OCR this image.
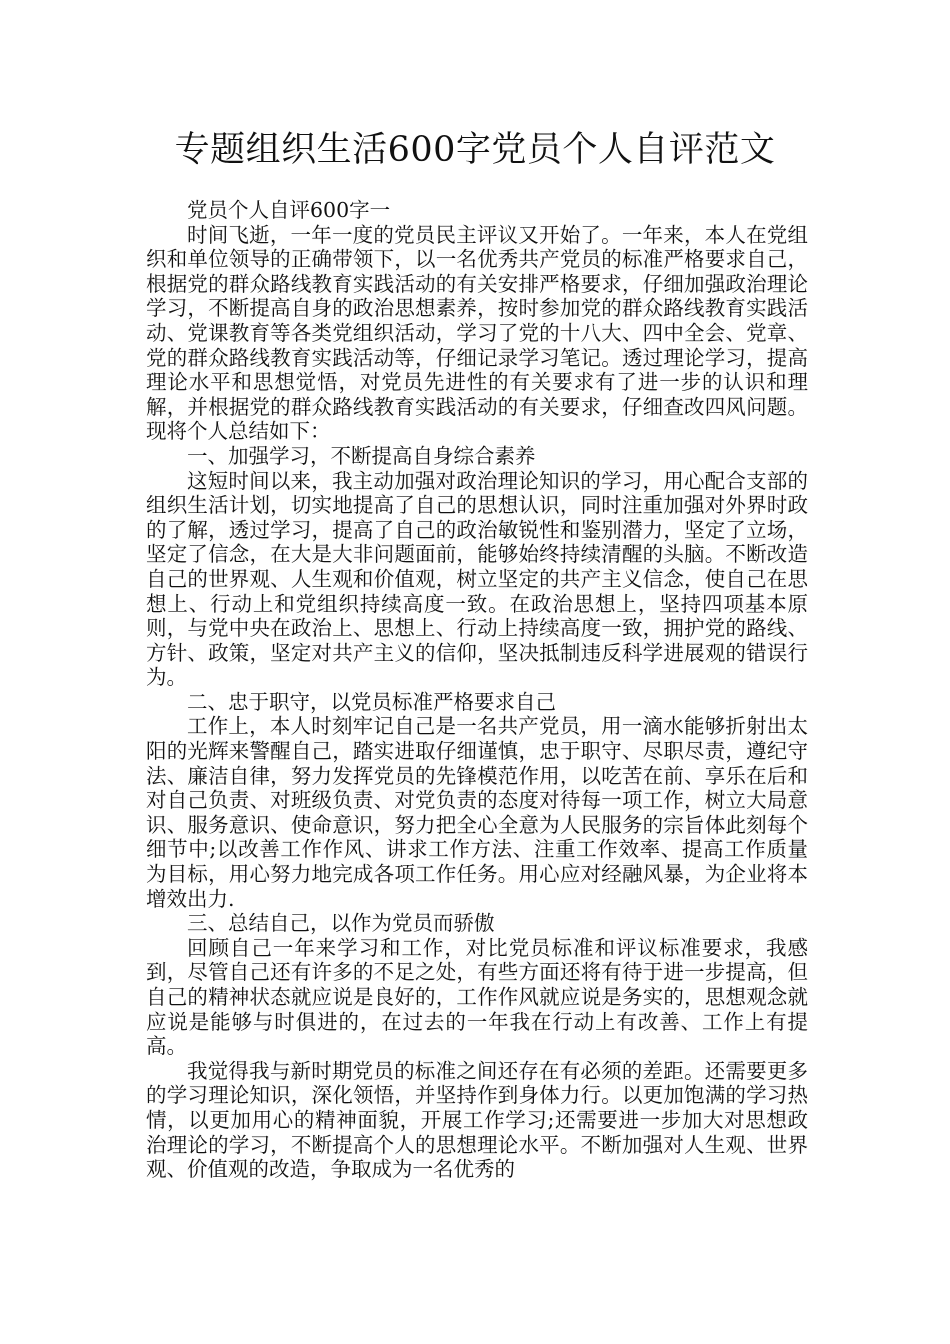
专题组织生活600字党员个人自评范文

党员个人自评600字一

时间飞逝，一年一度的党员民主评议又开始了。一年来，本人在党组织和单位领导的正确带领下，以一名优秀共产党员的标准严格要求自己，根据党的群众路线教育实践活动的有关安排严格要求，仔细加强政治理论学习，不断提高自身的政治思想素养，按时参加党的群众路线教育实践活动、党课教育等各类党组织活动，学习了党的十八大、四中全会、党章、党的群众路线教育实践活动等，仔细记录学习笔记。透过理论学习，提高理论水平和思想觉悟，对党员先进性的有关要求有了进一步的认识和理解，并根据党的群众路线教育实践活动的有关要求，仔细查改四风问题。现将个人总结如下：

一、加强学习，不断提高自身综合素养

这短时间以来，我主动加强对政治理论知识的学习，用心配合支部的组织生活计划，切实地提高了自己的思想认识，同时注重加强对外界时政的了解，透过学习，提高了自己的政治敏锐性和鉴别潜力，坚定了立场，坚定了信念，在大是大非问题面前，能够始终持续清醒的头脑。不断改造自己的世界观、人生观和价值观，树立坚定的共产主义信念，使自己在思想上、行动上和党组织持续高度一致。在政治思想上，坚持四项基本原则，与党中央在政治上、思想上、行动上持续高度一致，拥护党的路线、方针、政策，坚定对共产主义的信仰，坚决抵制违反科学进展观的错误行为。

二、忠于职守，以党员标准严格要求自己

工作上，本人时刻牢记自己是一名共产党员，用一滴水能够折射出太阳的光辉来警醒自己，踏实进取仔细谨慎，忠于职守、尽职尽责，遵纪守法、廉洁自律，努力发挥党员的先锋模范作用，以吃苦在前、享乐在后和对自己负责、对班级负责、对党负责的态度对待每一项工作，树立大局意识、服务意识、使命意识，努力把全心全意为人民服务的宗旨体此刻每个细节中;以改善工作作风、讲求工作方法、注重工作效率、提高工作质量为目标，用心努力地完成各项工作任务。用心应对经融风暴，为企业将本增效出力.

三、总结自己，以作为党员而骄傲

回顾自己一年来学习和工作，对比党员标准和评议标准要求，我感到，尽管自己还有许多的不足之处，有些方面还将有待于进一步提高，但自己的精神状态就应说是良好的，工作作风就应说是务实的，思想观念就应说是能够与时俱进的，在过去的一年我在行动上有改善、工作上有提高。

我觉得我与新时期党员的标准之间还存在有必须的差距。还需要更多的学习理论知识，深化领悟，并坚持作到身体力行。以更加饱满的学习热情，以更加用心的精神面貌，开展工作学习;还需要进一步加大对思想政治理论的学习，不断提高个人的思想理论水平。不断加强对人生观、世界观、价值观的改造，争取成为一名优秀的
